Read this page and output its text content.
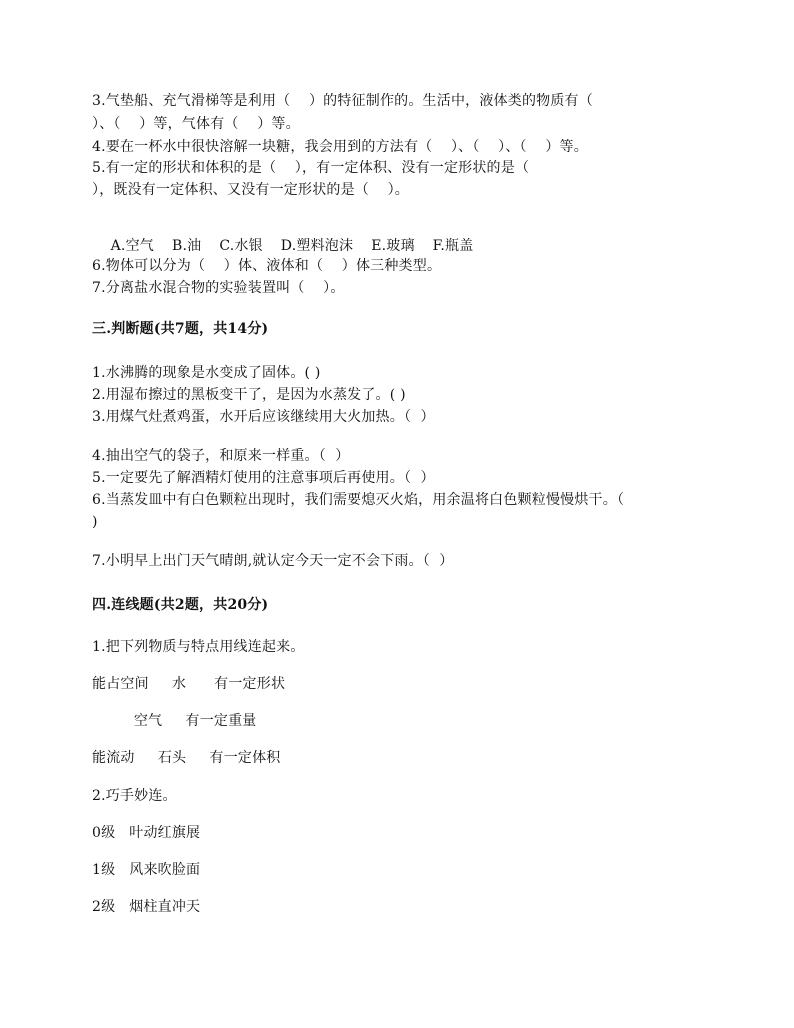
3.气垫船、充气滑梯等是利用（    ）的特征制作的。生活中，液体类的物质有（
）、（    ）等，气体有（    ）等。
4.要在一杯水中很快溶解一块糖，我会用到的方法有（    ）、（    ）、（    ）等。
5.有一定的形状和体积的是（    ），有一定体积、没有一定形状的是（
），既没有一定体积、又没有一定形状的是（    ）。

A.空气 B.油 C.水银 D.塑料泡沫 E.玻璃 F.瓶盖

6.物体可以分为（    ）体、液体和（    ）体三种类型。
7.分离盐水混合物的实验装置叫（    ）。
三.判断题(共7题，共14分)
1.水沸腾的现象是水变成了固体。( )
2.用湿布擦过的黑板变干了，是因为水蒸发了。( )
3.用煤气灶煮鸡蛋，水开后应该继续用大火加热。（  ）
4.抽出空气的袋子，和原来一样重。（  ）
5.一定要先了解酒精灯使用的注意事项后再使用。（  ）
6.当蒸发皿中有白色颗粒出现时，我们需要熄灭火焰，用余温将白色颗粒慢慢烘干。（
)
7.小明早上出门天气晴朗,就认定今天一定不会下雨。（  ）
四.连线题(共2题，共20分)
1.把下列物质与特点用线连起来。
能占空间     水      有一定形状
空气     有一定重量
能流动     石头     有一定体积
2.巧手妙连。
0级   叶动红旗展
1级   风来吹脸面
2级   烟柱直冲天
